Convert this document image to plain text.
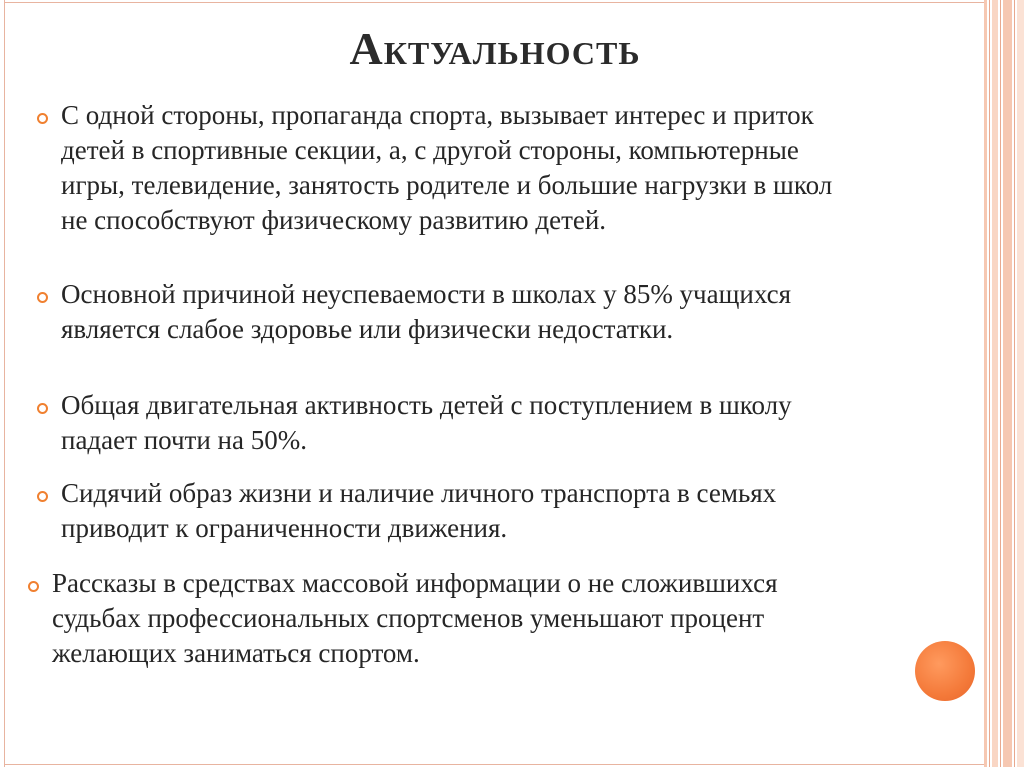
Актуальность
С одной стороны, пропаганда спорта, вызывает интерес и приток детей в спортивные секции, а, с другой стороны, компьютерные игры, телевидение, занятость родителе и большие нагрузки в школ не способствуют физическому развитию детей.
Основной причиной неуспеваемости в школах у 85% учащихся является слабое здоровье или физически недостатки.
Общая двигательная активность детей с поступлением в школу падает почти на 50%.
Сидячий образ жизни и наличие личного транспорта в семьях приводит к ограниченности движения.
Рассказы в средствах массовой информации о не сложившихся судьбах профессиональных спортсменов уменьшают процент желающих заниматься спортом.
